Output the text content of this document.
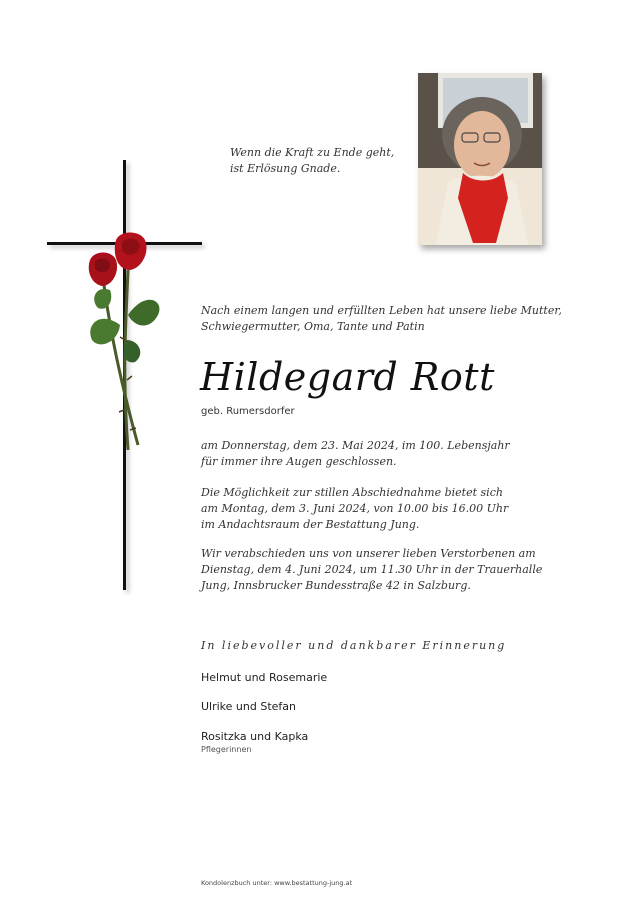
Wenn die Kraft zu Ende geht,
ist Erlösung Gnade.
Nach einem langen und erfüllten Leben hat unsere liebe Mutter,
Schwiegermutter, Oma, Tante und Patin
Hildegard Rott
geb. Rumersdorfer
am Donnerstag, dem 23. Mai 2024, im 100. Lebensjahr
für immer ihre Augen geschlossen.
Die Möglichkeit zur stillen Abschiednahme bietet sich
am Montag, dem 3. Juni 2024, von 10.00 bis 16.00 Uhr
im Andachtsraum der Bestattung Jung.
Wir verabschieden uns von unserer lieben Verstorbenen am
Dienstag, dem 4. Juni 2024, um 11.30 Uhr in der Trauerhalle
Jung, Innsbrucker Bundesstraße 42 in Salzburg.
In liebevoller und dankbarer Erinnerung
Helmut und Rosemarie
Ulrike und Stefan
Rositzka und Kapka
Pflegerinnen
Kondolenzbuch unter: www.bestattung-jung.at
